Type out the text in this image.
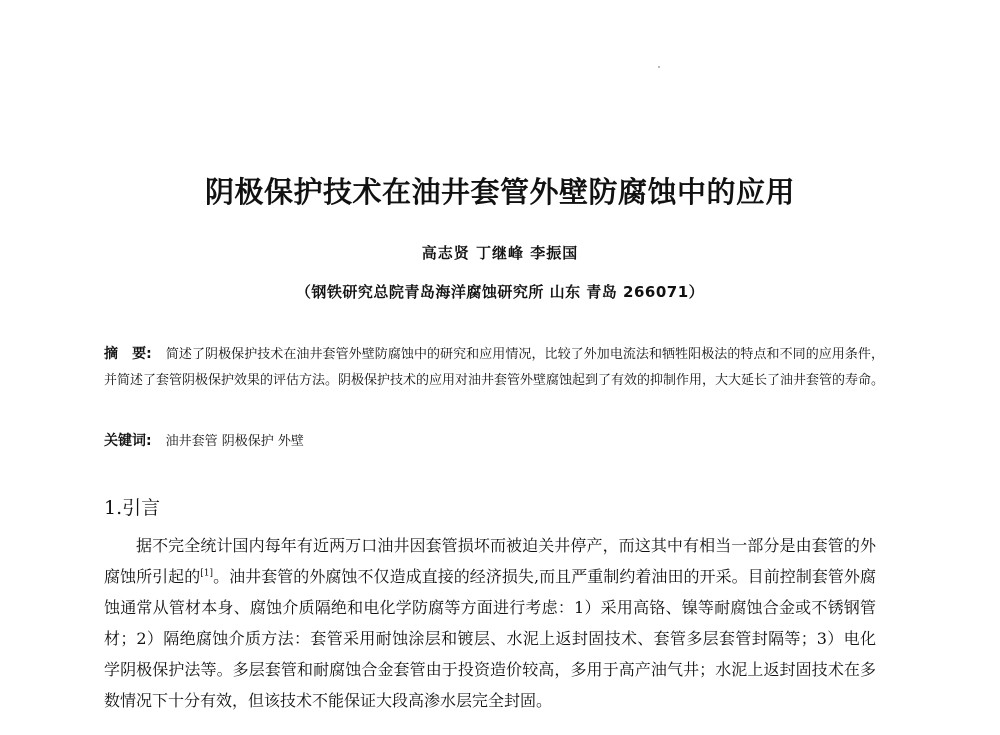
阴极保护技术在油井套管外壁防腐蚀中的应用
高志贤 丁继峰 李振国
（钢铁研究总院青岛海洋腐蚀研究所 山东 青岛 266071）
摘　要: 简述了阴极保护技术在油井套管外壁防腐蚀中的研究和应用情况，比较了外加电流法和牺牲阳极法的特点和不同的应用条件，并简述了套管阴极保护效果的评估方法。阴极保护技术的应用对油井套管外壁腐蚀起到了有效的抑制作用，大大延长了油井套管的寿命。
关键词: 油井套管 阴极保护 外壁
1.引言

据不完全统计国内每年有近两万口油井因套管损坏而被迫关井停产，而这其中有相当一部分是由套管的外腐蚀所引起的[1]。油井套管的外腐蚀不仅造成直接的经济损失,而且严重制约着油田的开采。目前控制套管外腐蚀通常从管材本身、腐蚀介质隔绝和电化学防腐等方面进行考虑：1）采用高铬、镍等耐腐蚀合金或不锈钢管材；2）隔绝腐蚀介质方法：套管采用耐蚀涂层和镀层、水泥上返封固技术、套管多层套管封隔等；3）电化学阴极保护法等。多层套管和耐腐蚀合金套管由于投资造价较高，多用于高产油气井；水泥上返封固技术在多数情况下十分有效，但该技术不能保证大段高渗水层完全封固。
